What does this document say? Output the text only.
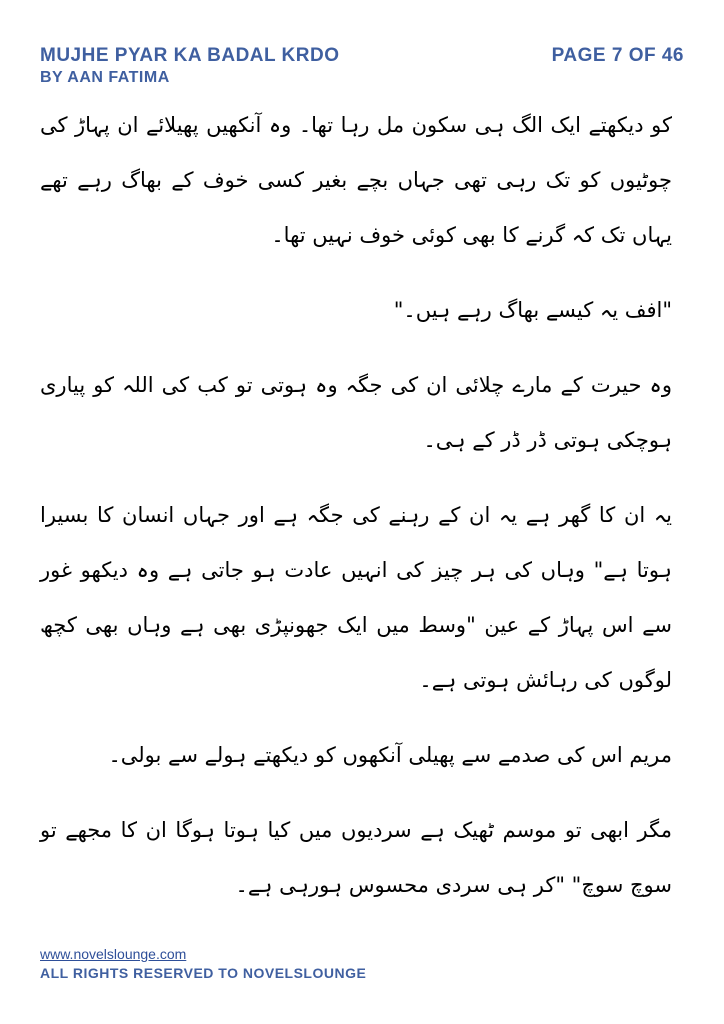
MUJHE PYAR KA BADAL KRDO

BY AAN FATIMA

PAGE 7 OF 46

کو دیکھتے ایک الگ ہی سکون مل رہا تھا۔ وہ آنکھیں پھیلائے ان پہاڑ کی چوٹیوں کو تک رہی تھی جہاں بچے بغیر کسی خوف کے بھاگ رہے تھے یہاں تک کہ گرنے کا بھی کوئی خوف نہیں تھا۔

"افف یہ کیسے بھاگ رہے ہیں۔"

وہ حیرت کے مارے چلائی ان کی جگہ وہ ہوتی تو کب کی اللہ کو پیاری ہوچکی ہوتی ڈر ڈر کے ہی۔

یہ ان کا گھر ہے یہ ان کے رہنے کی جگہ ہے اور جہاں انسان کا بسیرا ہوتا ہے" وہاں کی ہر چیز کی انہیں عادت ہو جاتی ہے وہ دیکھو غور سے اس پہاڑ کے عین "وسط میں ایک جھونپڑی بھی ہے وہاں بھی کچھ لوگوں کی رہائش ہوتی ہے۔

مریم اس کی صدمے سے پھیلی آنکھوں کو دیکھتے ہولے سے بولی۔

مگر ابھی تو موسم ٹھیک ہے سردیوں میں کیا ہوتا ہوگا ان کا مجھے تو سوچ سوچ" "کر ہی سردی محسوس ہورہی ہے۔

www.novelslounge.com
ALL RIGHTS RESERVED TO NOVELSLOUNGE
